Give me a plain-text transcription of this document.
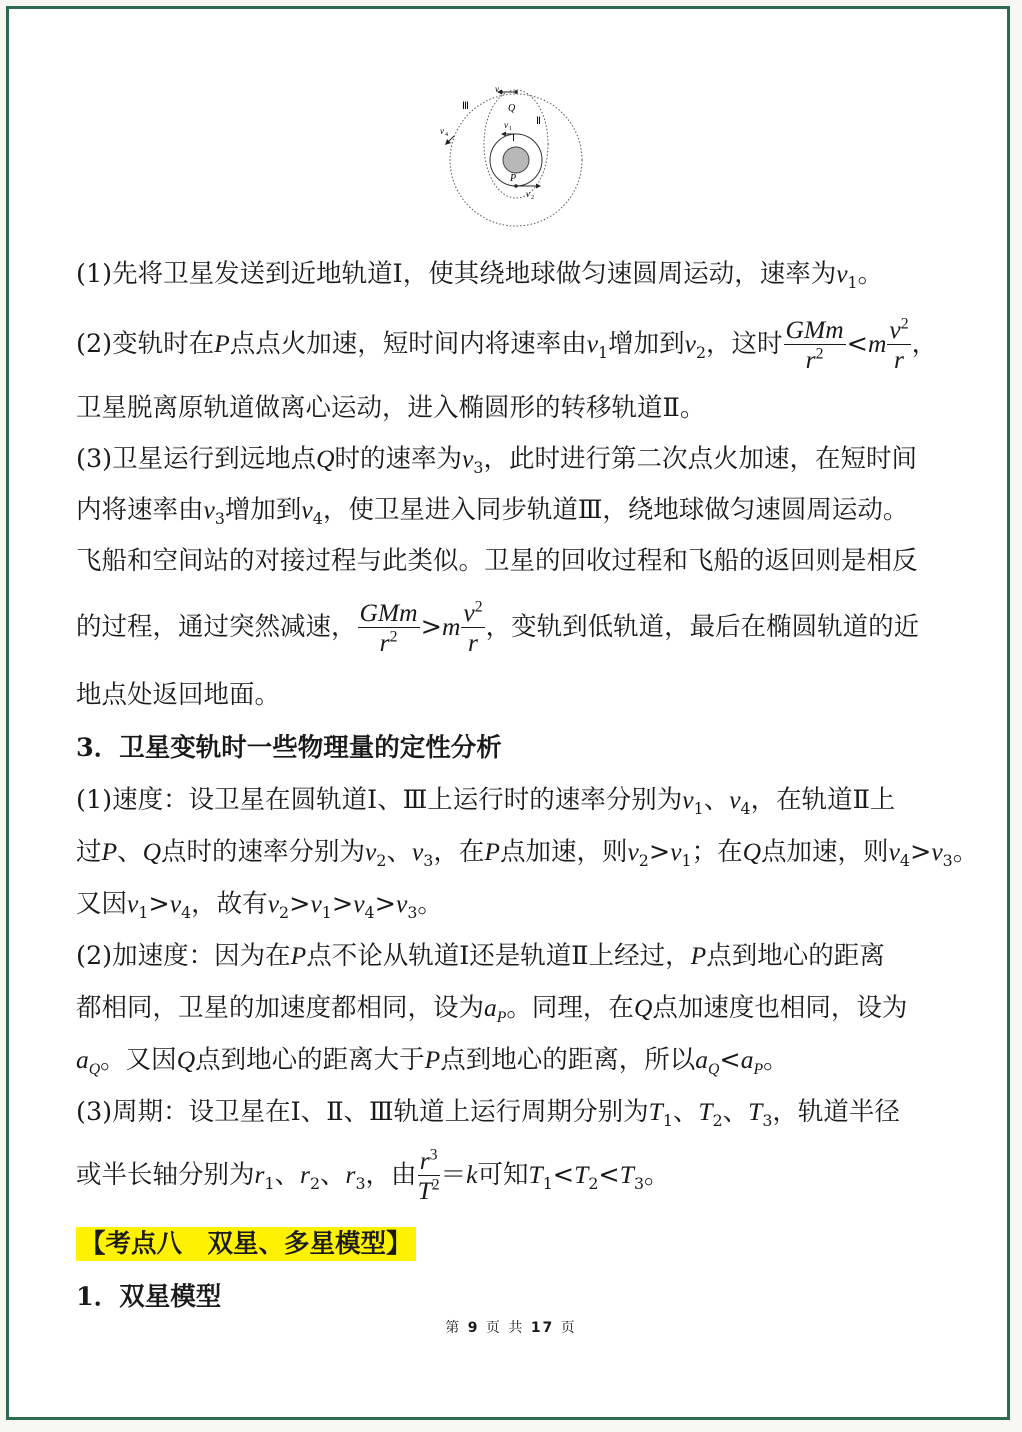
Ⅲ
Ⅱ
Ⅰ
Q
P
v 3
v 1
v 2
v 4
(1)先将卫星发送到近地轨道Ⅰ，使其绕地球做匀速圆周运动，速率为$v_1$。
(2)变轨时在P点点火加速，短时间内将速率由$v_1$增加到$v_2$，这时 $\frac{\text{GMm}}{r^2} <m \frac{v^2}{r}$ ，
卫星脱离原轨道做离心运动，进入椭圆形的转移轨道Ⅱ。
(3)卫星运行到远地点Q时的速率为$v_3$，此时进行第二次点火加速，在短时间
内将速率由$v_3$增加到$v_4$，使卫星进入同步轨道Ⅲ，绕地球做匀速圆周运动。
飞船和空间站的对接过程与此类似。卫星的回收过程和飞船的返回则是相反
的过程，通过突然减速， $\frac{\text{GMm}}{r^2} >m \frac{v^2}{r}$ ，变轨到低轨道，最后在椭圆轨道的近
地点处返回地面。
3．卫星变轨时一些物理量的定性分析
(1)速度：设卫星在圆轨道Ⅰ、Ⅲ上运行时的速率分别为$v_1$、$v_4$，在轨道Ⅱ上
过P、Q点时的速率分别为$v_2$、$v_3$，在P点加速，则$v_2>v_1$；在Q点加速，则$v_4>v_3$。
又因$v_1>v_4$，故有$v_2>v_1>v_4>v_3$。
(2)加速度：因为在P点不论从轨道Ⅰ还是轨道Ⅱ上经过，P点到地心的距离
都相同，卫星的加速度都相同，设为$a_P$。同理，在Q点加速度也相同，设为
$a_Q$。又因Q点到地心的距离大于P点到地心的距离，所以$a_Q<a_P$。
(3)周期：设卫星在Ⅰ、Ⅱ、Ⅲ轨道上运行周期分别为$T_1$、$T_2$、$T_3$，轨道半径
或半长轴分别为$r_1$、$r_2$、$r_3$，由 $\frac{r^3}{T^2} =k$可知$T_1<T_2<T_3$。
【考点八　双星、多星模型】
1．双星模型
第 9 页 共 17 页
